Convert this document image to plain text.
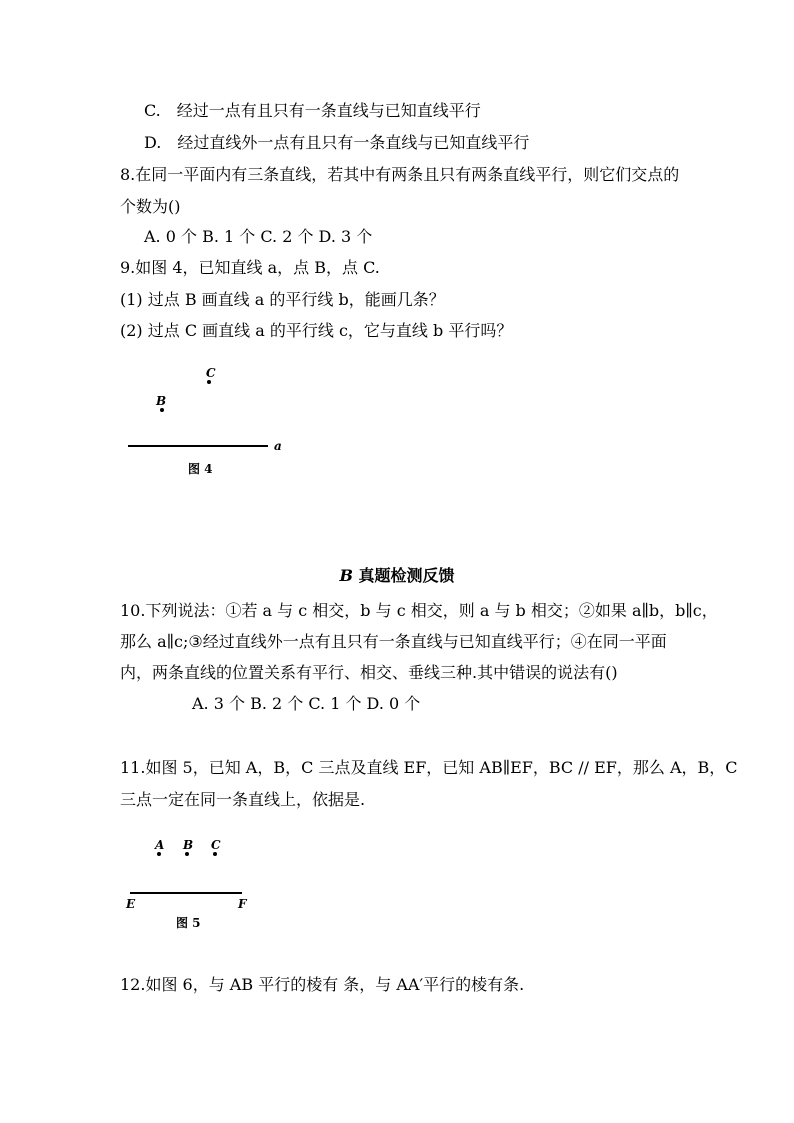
C.　经过一点有且只有一条直线与已知直线平行
D.　经过直线外一点有且只有一条直线与已知直线平行
8.在同一平面内有三条直线，若其中有两条且只有两条直线平行，则它们交点的
个数为()
A. 0 个 B. 1 个 C. 2 个 D. 3 个
9.如图 4，已知直线 a，点 B，点 C.
(1) 过点 B 画直线 a 的平行线 b，能画几条？
(2) 过点 C 画直线 a 的平行线 c，它与直线 b 平行吗？
C
B
a
图 4
B 真题检测反馈
10.下列说法：①若 a 与 c 相交，b 与 c 相交，则 a 与 b 相交；②如果 a∥b，b∥c，
那么 a∥c;③经过直线外一点有且只有一条直线与已知直线平行；④在同一平面
内，两条直线的位置关系有平行、相交、垂线三种.其中错误的说法有()
A. 3 个 B. 2 个 C. 1 个 D. 0 个
11.如图 5，已知 A，B，C 三点及直线 EF，已知 AB∥EF，BC // EF，那么 A，B，C
三点一定在同一条直线上，依据是.
A B C
E	F
图 5
12.如图 6，与 AB 平行的棱有 条，与 AA′平行的棱有条.
